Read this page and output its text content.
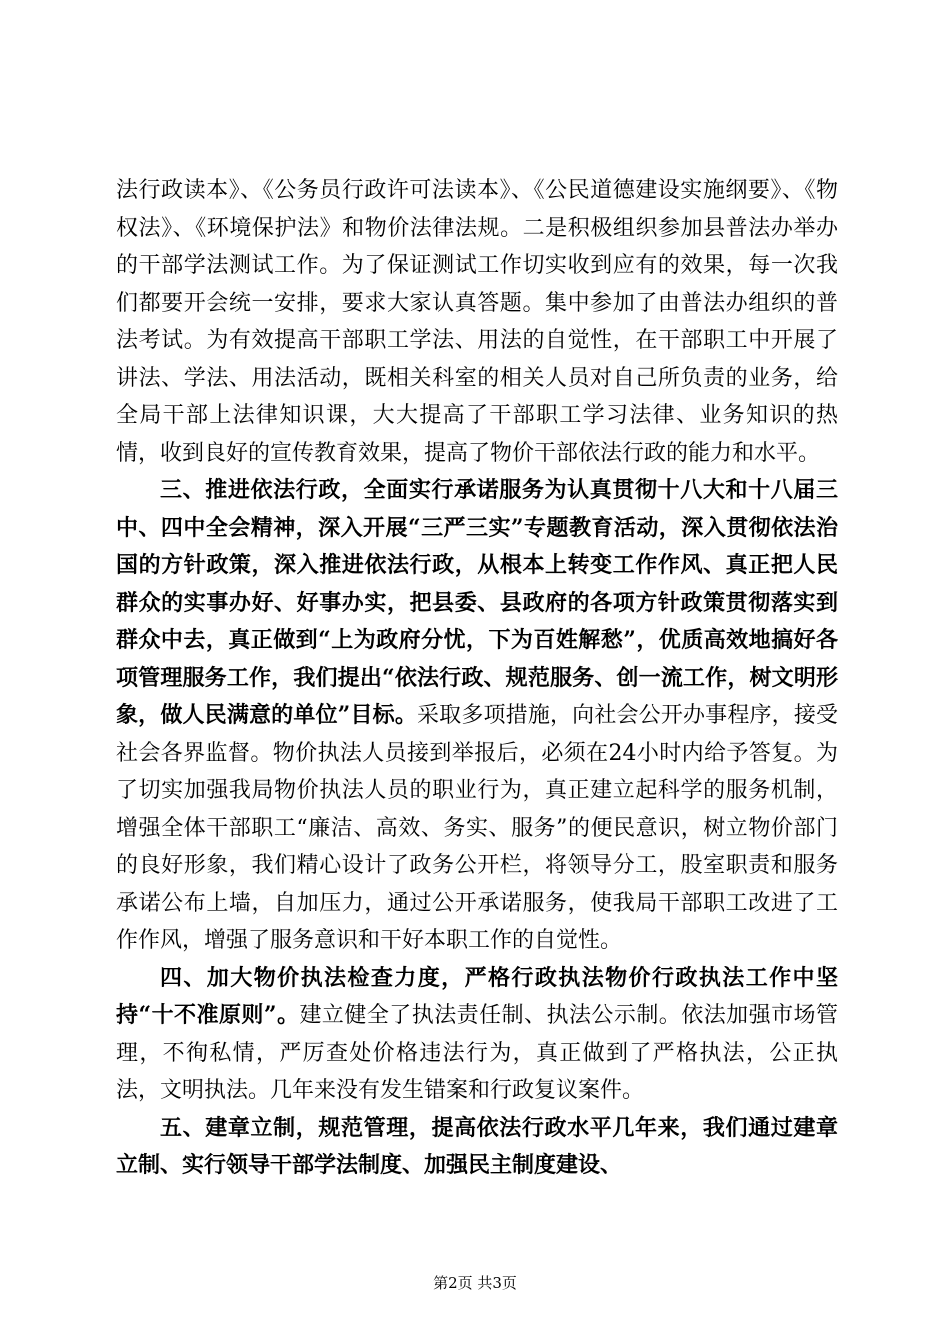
法行政读本》、《公务员行政许可法读本》、《公民道德建设实施纲要》、《物权法》、《环境保护法》和物价法律法规。二是积极组织参加县普法办举办的干部学法测试工作。为了保证测试工作切实收到应有的效果，每一次我们都要开会统一安排，要求大家认真答题。集中参加了由普法办组织的普法考试。为有效提高干部职工学法、用法的自觉性，在干部职工中开展了讲法、学法、用法活动，既相关科室的相关人员对自己所负责的业务，给全局干部上法律知识课，大大提高了干部职工学习法律、业务知识的热情，收到良好的宣传教育效果，提高了物价干部依法行政的能力和水平。

三、推进依法行政，全面实行承诺服务为认真贯彻十八大和十八届三中、四中全会精神，深入开展“三严三实”专题教育活动，深入贯彻依法治国的方针政策，深入推进依法行政，从根本上转变工作作风、真正把人民群众的实事办好、好事办实，把县委、县政府的各项方针政策贯彻落实到群众中去，真正做到“上为政府分忧，下为百姓解愁”，优质高效地搞好各项管理服务工作，我们提出“依法行政、规范服务、创一流工作，树文明形象，做人民满意的单位”目标。采取多项措施，向社会公开办事程序，接受社会各界监督。物价执法人员接到举报后，必须在24小时内给予答复。为了切实加强我局物价执法人员的职业行为，真正建立起科学的服务机制，增强全体干部职工“廉洁、高效、务实、服务”的便民意识，树立物价部门的良好形象，我们精心设计了政务公开栏，将领导分工，股室职责和服务承诺公布上墙，自加压力，通过公开承诺服务，使我局干部职工改进了工作作风，增强了服务意识和干好本职工作的自觉性。

四、加大物价执法检查力度，严格行政执法物价行政执法工作中坚持“十不准原则”。建立健全了执法责任制、执法公示制。依法加强市场管理，不徇私情，严厉查处价格违法行为，真正做到了严格执法，公正执法，文明执法。几年来没有发生错案和行政复议案件。

五、建章立制，规范管理，提高依法行政水平几年来，我们通过建章立制、实行领导干部学法制度、加强民主制度建设、

第2页 共3页
